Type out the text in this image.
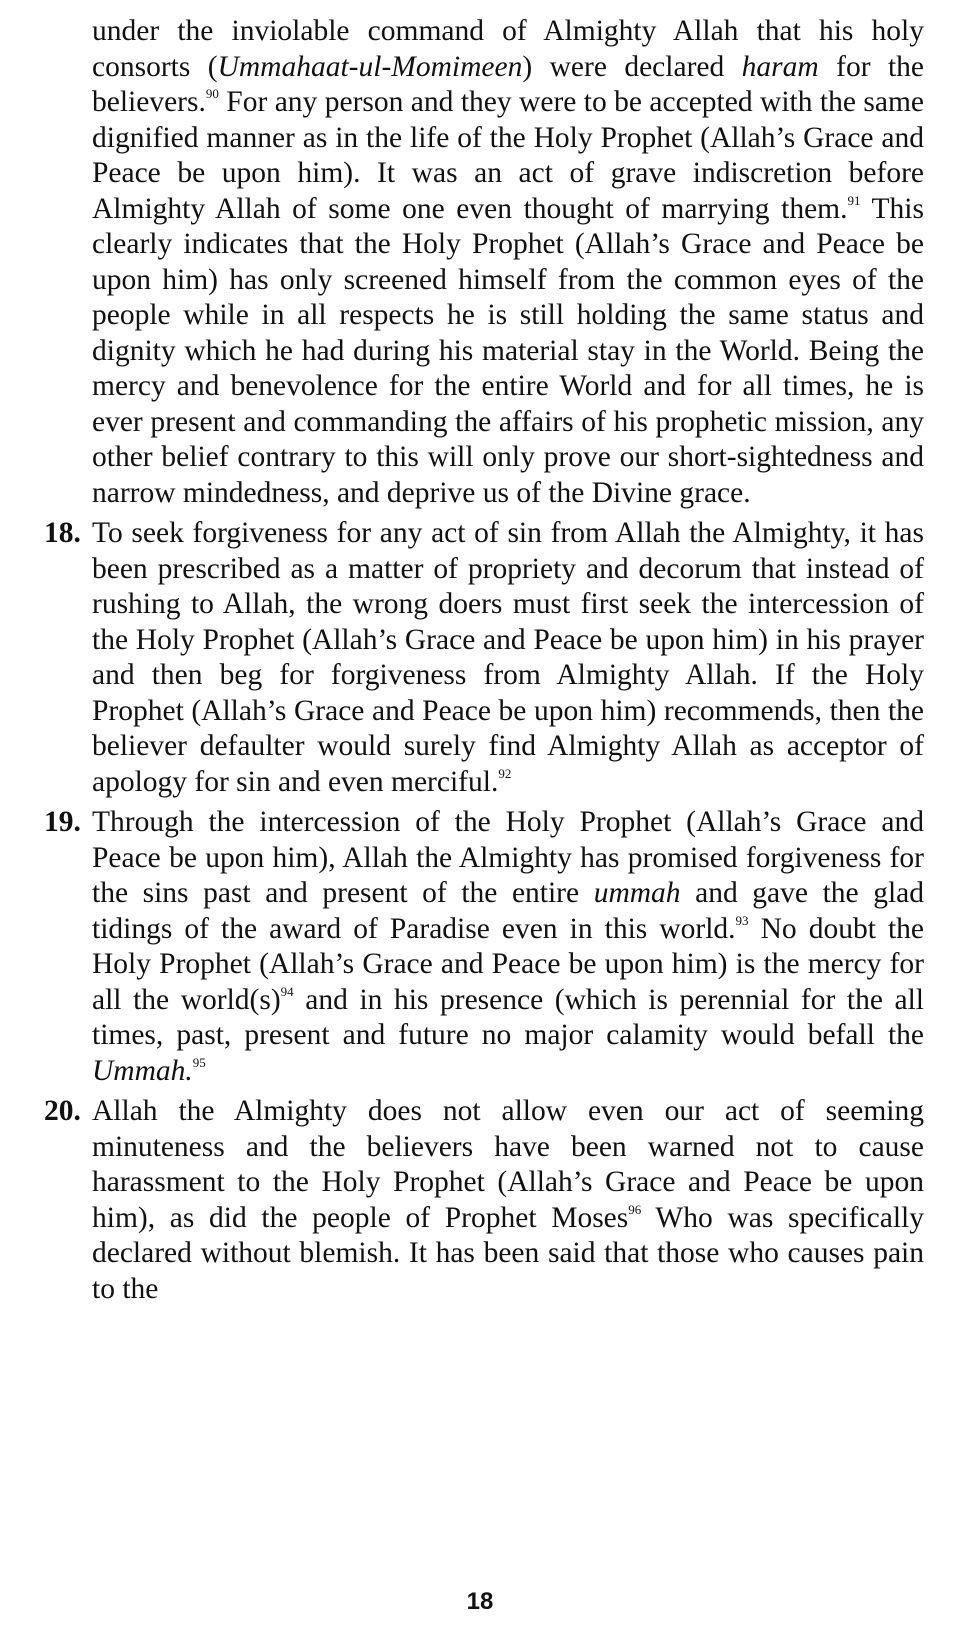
under the inviolable command of Almighty Allah that his holy consorts (Ummahaat-ul-Momimeen) were declared haram for the believers.$^{90}$ For any person and they were to be accepted with the same dignified manner as in the life of the Holy Prophet (Allah’s Grace and Peace be upon him). It was an act of grave indiscretion before Almighty Allah of some one even thought of marrying them.$^{91}$ This clearly indicates that the Holy Prophet (Allah’s Grace and Peace be upon him) has only screened himself from the common eyes of the people while in all respects he is still holding the same status and dignity which he had during his material stay in the World. Being the mercy and benevolence for the entire World and for all times, he is ever present and commanding the affairs of his prophetic mission, any other belief contrary to this will only prove our short-sightedness and narrow mindedness, and deprive us of the Divine grace.

18. To seek forgiveness for any act of sin from Allah the Almighty, it has been prescribed as a matter of propriety and decorum that instead of rushing to Allah, the wrong doers must first seek the intercession of the Holy Prophet (Allah’s Grace and Peace be upon him) in his prayer and then beg for forgiveness from Almighty Allah. If the Holy Prophet (Allah’s Grace and Peace be upon him) recommends, then the believer defaulter would surely find Almighty Allah as acceptor of apology for sin and even merciful.$^{92}$

19. Through the intercession of the Holy Prophet (Allah’s Grace and Peace be upon him), Allah the Almighty has promised forgiveness for the sins past and present of the entire ummah and gave the glad tidings of the award of Paradise even in this world.$^{93}$ No doubt the Holy Prophet (Allah’s Grace and Peace be upon him) is the mercy for all the $world(s)^{94}$ and in his presence (which is perennial for the all times, past, present and future no major calamity would befall the Ummah.$^{95}$

20. Allah the Almighty does not allow even our act of seeming minuteness and the believers have been warned not to cause harassment to the Holy Prophet (Allah’s Grace and Peace be upon him), as did the people of Prophet Moses$^{96}$ Who was specifically declared without blemish. It has been said that those who causes pain to the

18
